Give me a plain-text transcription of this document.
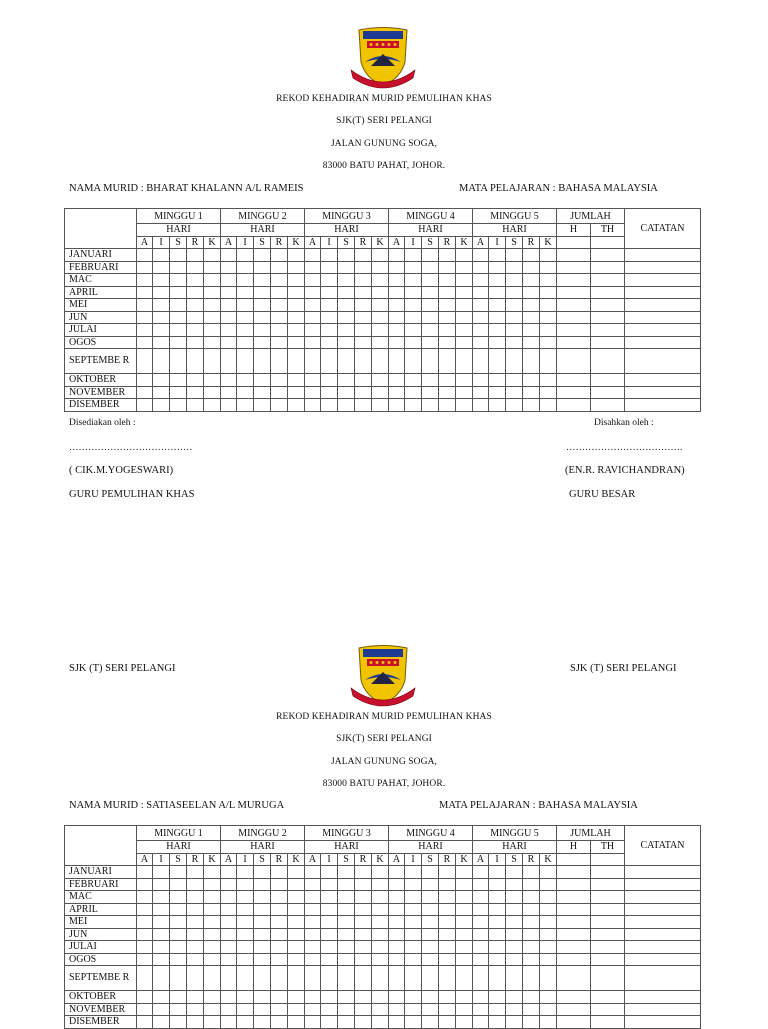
REKOD KEHADIRAN MURID PEMULIHAN KHAS
SJK(T) SERI PELANGI
JALAN GUNUNG SOGA,
83000 BATU PAHAT, JOHOR.
NAMA MURID : BHARAT KHALANN A/L RAMEIS	MATA PELAJARAN : BAHASA MALAYSIA
	MINGGU 1					MINGGU 2					MINGGU 3					MINGGU 4					MINGGU 5					JUMLAH		CATATAN
	HARI					HARI					HARI					HARI					HARI					H	TH	
	A	I	S	R	K	A	I	S	R	K	A	I	S	R	K	A	I	S	R	K	A	I	S	R	K			
JANUARI																												
FEBRUARI																												
MAC																												
APRIL																												
MEI																												
JUN																												
JULAI																												
OGOS																												
SEPTEMBE R																												
OKTOBER																												
NOVEMBER																												
DISEMBER																												
Disediakan oleh :	Disahkan oleh :
…………………………………	……………………………….
( CIK.M.YOGESWARI)	(EN.R. RAVICHANDRAN)
GURU PEMULIHAN KHAS	GURU BESAR
SJK (T) SERI PELANGI	SJK (T) SERI PELANGI
REKOD KEHADIRAN MURID PEMULIHAN KHAS
SJK(T) SERI PELANGI
JALAN GUNUNG SOGA,
83000 BATU PAHAT, JOHOR.
NAMA MURID : SATIASEELAN A/L MURUGA	MATA PELAJARAN : BAHASA MALAYSIA
	MINGGU 1					MINGGU 2					MINGGU 3					MINGGU 4					MINGGU 5					JUMLAH		CATATAN
	HARI					HARI					HARI					HARI					HARI					H	TH	
	A	I	S	R	K	A	I	S	R	K	A	I	S	R	K	A	I	S	R	K	A	I	S	R	K			
JANUARI																												
FEBRUARI																												
MAC																												
APRIL																												
MEI																												
JUN																												
JULAI																												
OGOS																												
SEPTEMBE R																												
OKTOBER																												
NOVEMBER																												
DISEMBER																												
